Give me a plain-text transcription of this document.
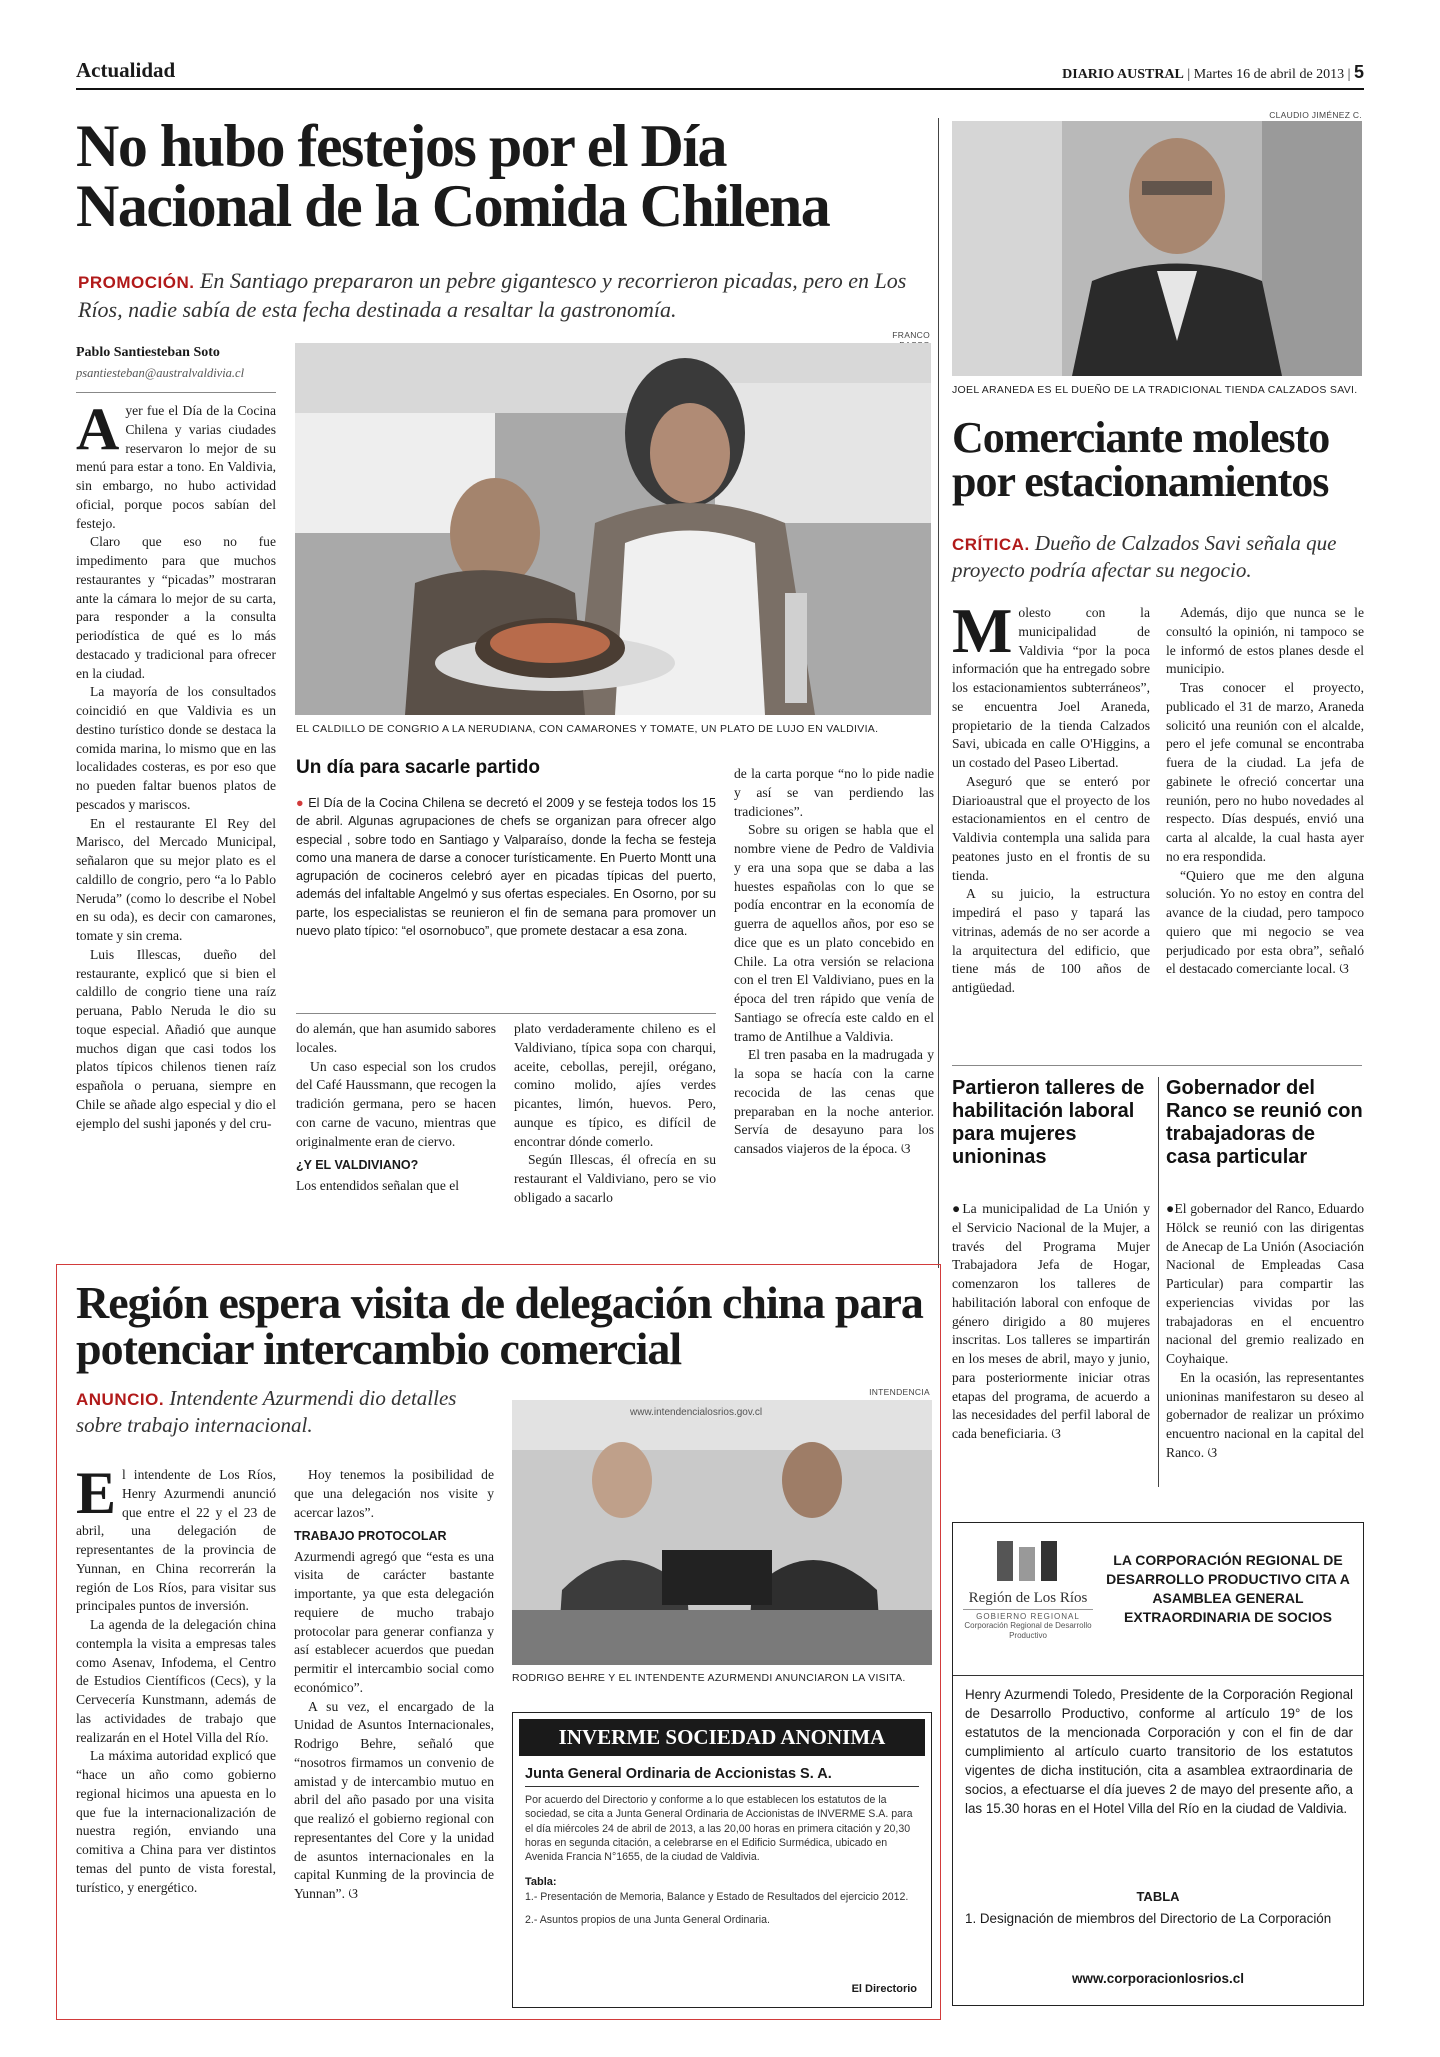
Actualidad	DIARIO AUSTRAL | Martes 16 de abril de 2013 | 5
No hubo festejos por el Día Nacional de la Comida Chilena
PROMOCIÓN. En Santiago prepararon un pebre gigantesco y recorrieron picadas, pero en Los Ríos, nadie sabía de esta fecha destinada a resaltar la gastronomía.
Pablo Santiesteban Soto
psantiesteban@australvaldivia.cl
FRANCO
EL CALDILLO DE CONGRIO A LA NERUDIANA, CON CAMARONES Y TOMATE, UN PLATO DE LUJO EN VALDIVIA.

Ayer fue el Día de la Cocina Chilena y varias ciudades reservaron lo mejor de su menú para estar a tono. En Valdivia, sin embargo, no hubo actividad oficial, porque pocos sabían del festejo.

Claro que eso no fue impedimento para que muchos restaurantes y “picadas” mostraran ante la cámara lo mejor de su carta, para responder a la consulta periodística de qué es lo más destacado y tradicional para ofrecer en la ciudad.

La mayoría de los consultados coincidió en que Valdivia es un destino turístico donde se destaca la comida marina, lo mismo que en las localidades costeras, es por eso que no pueden faltar buenos platos de pescados y mariscos.

En el restaurante El Rey del Marisco, del Mercado Municipal, señalaron que su mejor plato es el caldillo de congrio, pero “a lo Pablo Neruda” (como lo describe el Nobel en su oda), es decir con camarones, tomate y sin crema.

Luis Illescas, dueño del restaurante, explicó que si bien el caldillo de congrio tiene una raíz peruana, Pablo Neruda le dio su toque especial. Añadió que aunque muchos digan que casi todos los platos típicos chilenos tienen raíz española o peruana, siempre en Chile se añade algo especial y dio el ejemplo del sushi japonés y del cru-

Un día para sacarle partido
● El Día de la Cocina Chilena se decretó el 2009 y se festeja todos los 15 de abril. Algunas agrupaciones de chefs se organizan para ofrecer algo especial , sobre todo en Santiago y Valparaíso, donde la fecha se festeja como una manera de darse a conocer turísticamente. En Puerto Montt una agrupación de cocineros celebró ayer en picadas típicas del puerto, además del infaltable Angelmó y sus ofertas especiales. En Osorno, por su parte, los especialistas se reunieron el fin de semana para promover un nuevo plato típico: “el osornobuco”, que promete destacar a esa zona.

do alemán, que han asumido sabores locales.

Un caso especial son los crudos del Café Haussmann, que recogen la tradición germana, pero se hacen con carne de vacuno, mientras que originalmente eran de ciervo.

¿Y EL VALDIVIANO?

Los entendidos señalan que el

plato verdaderamente chileno es el Valdiviano, típica sopa con charqui, aceite, cebollas, perejil, orégano, comino molido, ajíes verdes picantes, limón, huevos. Pero, aunque es típico, es difícil de encontrar dónde comerlo.

Según Illescas, él ofrecía en su restaurant el Valdiviano, pero se vio obligado a sacarlo

de la carta porque “no lo pide nadie y así se van perdiendo las tradiciones”.

Sobre su origen se habla que el nombre viene de Pedro de Valdivia y era una sopa que se daba a las huestes españolas con lo que se podía encontrar en la economía de guerra de aquellos años, por eso se dice que es un plato concebido en Chile. La otra versión se relaciona con el tren El Valdiviano, pues en la época del tren rápido que venía de Santiago se ofrecía este caldo en el tramo de Antilhue a Valdivia.

El tren pasaba en la madrugada y la sopa se hacía con la carne recocida de las cenas que preparaban en la noche anterior. Servía de desayuno para los cansados viajeros de la época. ଓ

CLAUDIO JIMÉNEZ C.
JOEL ARANEDA ES EL DUEÑO DE LA TRADICIONAL TIENDA CALZADOS SAVI.
Comerciante molesto por estacionamientos
CRÍTICA. Dueño de Calzados Savi señala que proyecto podría afectar su negocio.

Molesto con la municipalidad de Valdivia “por la poca información que ha entregado sobre los estacionamientos subterráneos”, se encuentra Joel Araneda, propietario de la tienda Calzados Savi, ubicada en calle O'Higgins, a un costado del Paseo Libertad.

Aseguró que se enteró por Diarioaustral que el proyecto de los estacionamientos en el centro de Valdivia contempla una salida para peatones justo en el frontis de su tienda.

A su juicio, la estructura impedirá el paso y tapará las vitrinas, además de no ser acorde a la arquitectura del edificio, que tiene más de 100 años de antigüedad.

Además, dijo que nunca se le consultó la opinión, ni tampoco se le informó de estos planes desde el municipio.

Tras conocer el proyecto, publicado el 31 de marzo, Araneda solicitó una reunión con el alcalde, pero el jefe comunal se encontraba fuera de la ciudad. La jefa de gabinete le ofreció concertar una reunión, pero no hubo novedades al respecto. Días después, envió una carta al alcalde, la cual hasta ayer no era respondida.

“Quiero que me den alguna solución. Yo no estoy en contra del avance de la ciudad, pero tampoco quiero que mi negocio se vea perjudicado por esta obra”, señaló el destacado comerciante local. ଓ

Partieron talleres de habilitación laboral para mujeres unioninas

●La municipalidad de La Unión y el Servicio Nacional de la Mujer, a través del Programa Mujer Trabajadora Jefa de Hogar, comenzaron los talleres de habilitación laboral con enfoque de género dirigido a 80 mujeres inscritas. Los talleres se impartirán en los meses de abril, mayo y junio, para posteriormente iniciar otras etapas del programa, de acuerdo a las necesidades del perfil laboral de cada beneficiaria. ଓ

Gobernador del Ranco se reunió con trabajadoras de casa particular

●El gobernador del Ranco, Eduardo Hölck se reunió con las dirigentas de Anecap de La Unión (Asociación Nacional de Empleadas Casa Particular) para compartir las experiencias vividas por las trabajadoras en el encuentro nacional del gremio realizado en Coyhaique.

En la ocasión, las representantes unioninas manifestaron su deseo al gobernador de realizar un próximo encuentro nacional en la capital del Ranco. ଓ

Región espera visita de delegación china para potenciar intercambio comercial
ANUNCIO. Intendente Azurmendi dio detalles sobre trabajo internacional.
INTENDENCIA
www.intendencialosrios.gov.cl
RODRIGO BEHRE Y EL INTENDENTE AZURMENDI ANUNCIARON LA VISITA.

El intendente de Los Ríos, Henry Azurmendi anunció que entre el 22 y el 23 de abril, una delegación de representantes de la provincia de Yunnan, en China recorrerán la región de Los Ríos, para visitar sus principales puntos de inversión.

La agenda de la delegación china contempla la visita a empresas tales como Asenav, Infodema, el Centro de Estudios Científicos (Cecs), y la Cervecería Kunstmann, además de las actividades de trabajo que realizarán en el Hotel Villa del Río.

La máxima autoridad explicó que “hace un año como gobierno regional hicimos una apuesta en lo que fue la internacionalización de nuestra región, enviando una comitiva a China para ver distintos temas del punto de vista forestal, turístico, y energético.

Hoy tenemos la posibilidad de que una delegación nos visite y acercar lazos”.

TRABAJO PROTOCOLAR

Azurmendi agregó que “esta es una visita de carácter bastante importante, ya que esta delegación requiere de mucho trabajo protocolar para generar confianza y así establecer acuerdos que puedan permitir el intercambio social como económico”.

A su vez, el encargado de la Unidad de Asuntos Internacionales, Rodrigo Behre, señaló que “nosotros firmamos un convenio de amistad y de intercambio mutuo en abril del año pasado por una visita que realizó el gobierno regional con representantes del Core y la unidad de asuntos internacionales en la capital Kunming de la provincia de Yunnan”. ଓ

INVERME SOCIEDAD ANONIMA
Junta General Ordinaria de Accionistas S. A.
Por acuerdo del Directorio y conforme a lo que establecen los estatutos de la sociedad, se cita a Junta General Ordinaria de Accionistas de INVERME S.A. para el día miércoles 24 de abril de 2013, a las 20,00 horas en primera citación y 20,30 horas en segunda citación, a celebrarse en el Edificio Surmédica, ubicado en Avenida Francia N°1655, de la ciudad de Valdivia.
Tabla:
1.- Presentación de Memoria, Balance y Estado de Resultados del ejercicio 2012.
2.- Asuntos propios de una Junta General Ordinaria.
El Directorio
Región de Los Ríos
GOBIERNO REGIONAL
Corporación Regional de Desarrollo Productivo
LA CORPORACIÓN REGIONAL DE DESARROLLO PRODUCTIVO CITA A ASAMBLEA GENERAL EXTRAORDINARIA DE SOCIOS
Henry Azurmendi Toledo, Presidente de la Corporación Regional de Desarrollo Productivo, conforme al artículo 19° de los estatutos de la mencionada Corporación y con el fin de dar cumplimiento al artículo cuarto transitorio de los estatutos vigentes de dicha institución, cita a asamblea extraordinaria de socios, a efectuarse el día jueves 2 de mayo del presente año, a las 15.30 horas en el Hotel Villa del Río en la ciudad de Valdivia.
TABLA
1. Designación de miembros del Directorio de La Corporación
www.corporacionlosrios.cl
